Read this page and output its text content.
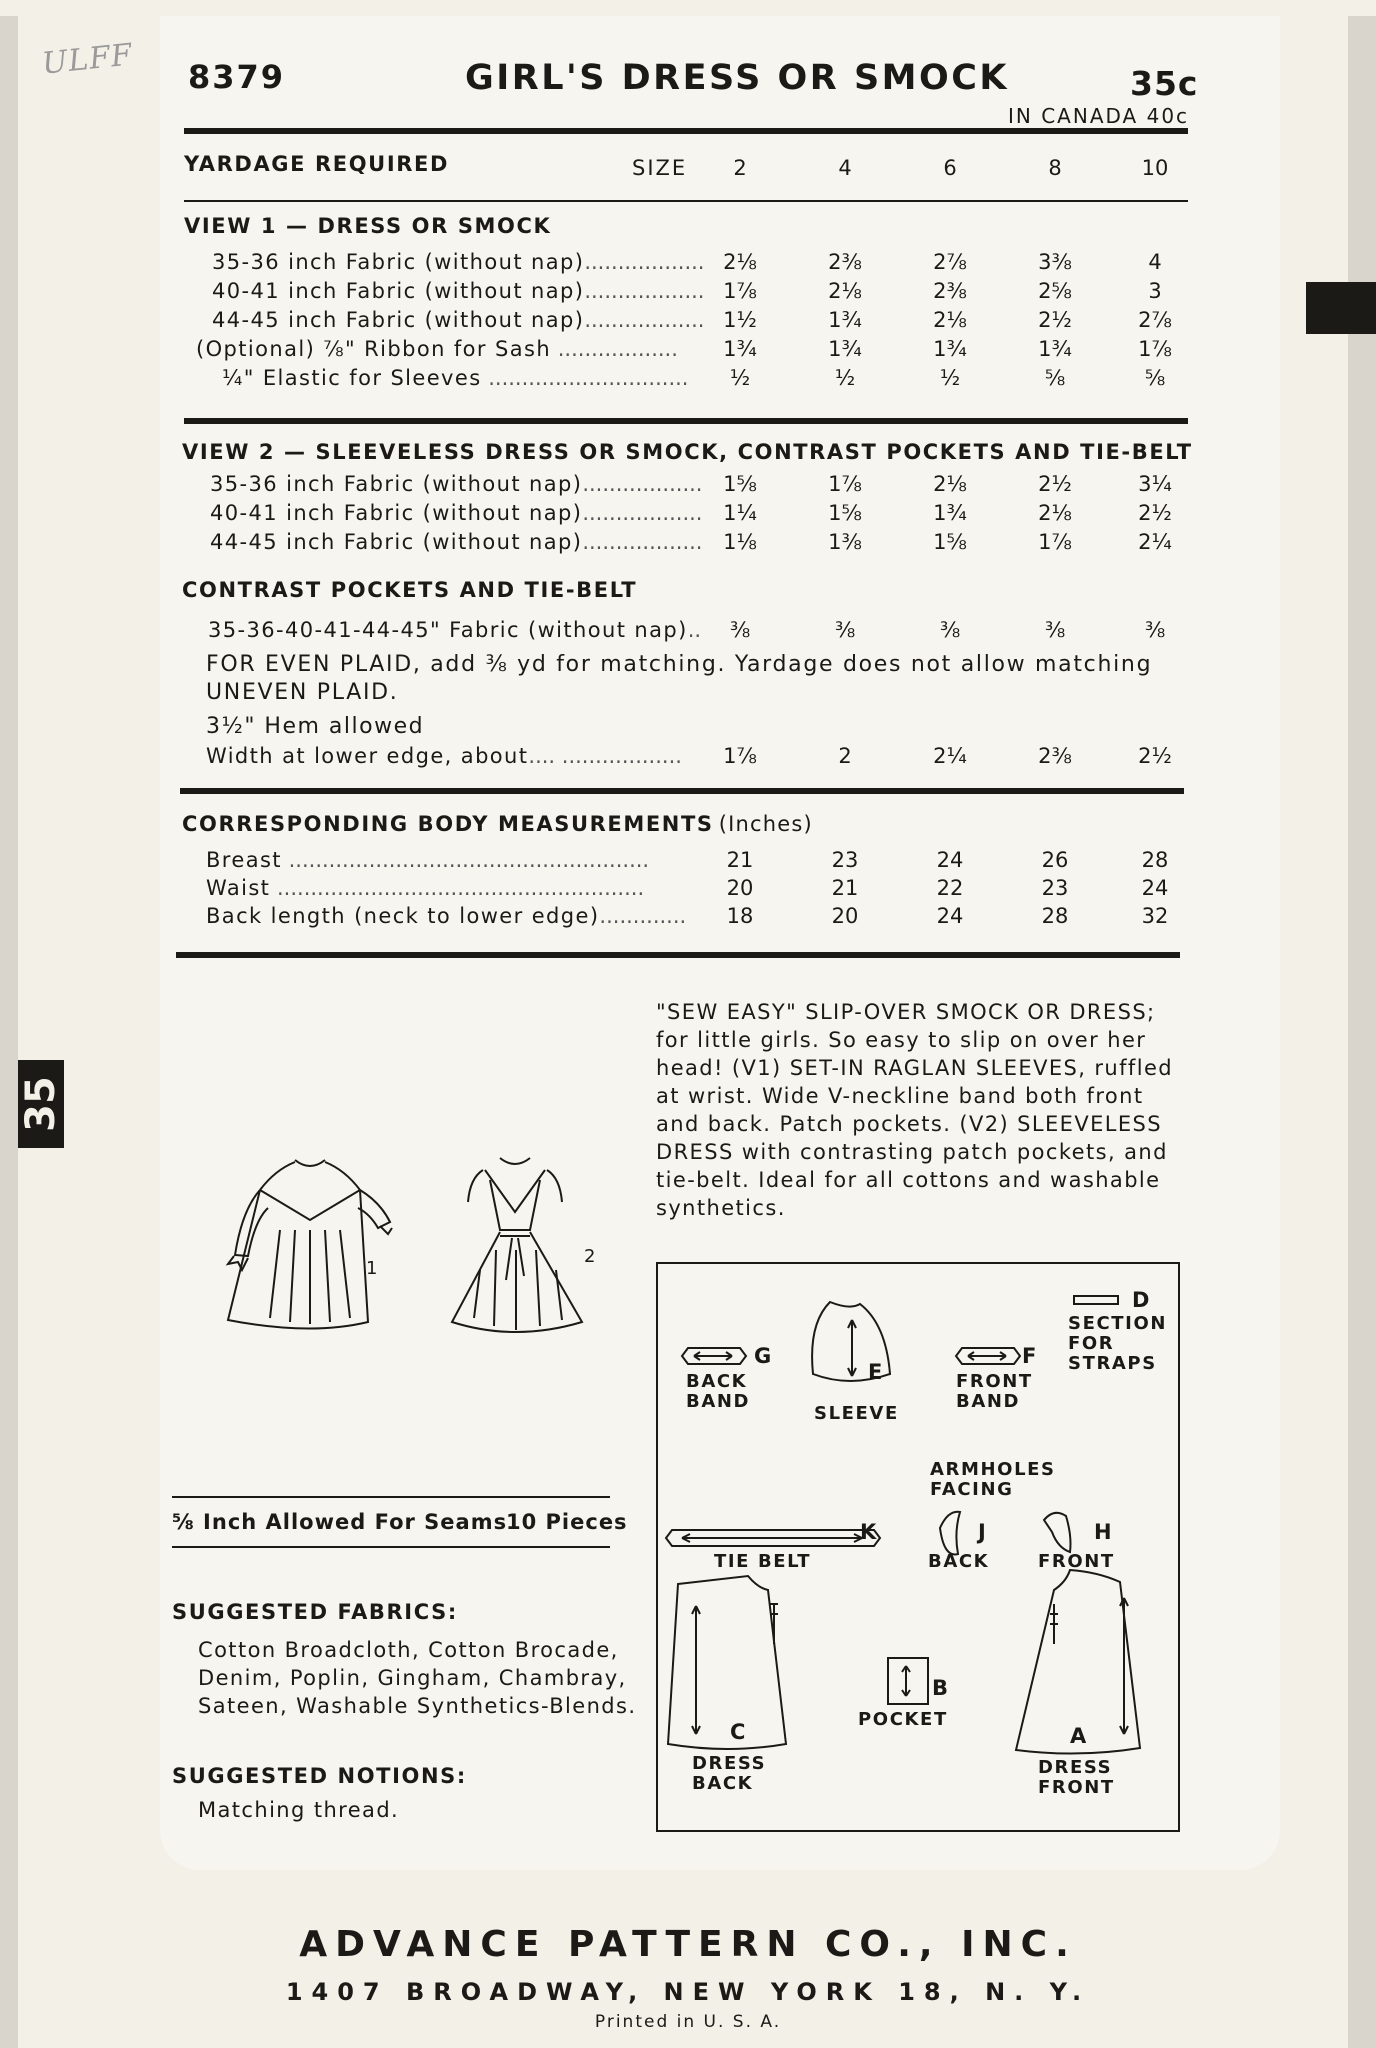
ULFF
35
8379	GIRL'S DRESS OR SMOCK	35c
IN CANADA 40c
YARDAGE REQUIRED	SIZE	2	4	6	8	10
VIEW 1 — DRESS OR SMOCK
35-36 inch Fabric (without nap).................. 2⅛	2⅜	2⅞	3⅜	4
40-41 inch Fabric (without nap).................. 1⅞	2⅛	2⅜	2⅝	3
44-45 inch Fabric (without nap).................. 1½	1¾	2⅛	2½	2⅞
(Optional) ⅞" Ribbon for Sash ..................	1¾	1¾	1¾	1¾	1⅞
¼" Elastic for Sleeves ..............................	½	½	½	⅝	⅝
VIEW 2 — SLEEVELESS DRESS OR SMOCK, CONTRAST POCKETS AND TIE-BELT
35-36 inch Fabric (without nap).................. 1⅝	1⅞	2⅛	2½	3¼
40-41 inch Fabric (without nap).................. 1¼	1⅝	1¾	2⅛	2½
44-45 inch Fabric (without nap).................. 1⅛	1⅜	1⅝	1⅞	2¼
CONTRAST POCKETS AND TIE-BELT
35-36-40-41-44-45" Fabric (without nap)..	⅜	⅜	⅜	⅜	⅜
FOR EVEN PLAID, add ⅜ yd for matching. Yardage does not allow matching
UNEVEN PLAID.
3½" Hem allowed
Width at lower edge, about.... ..................	1⅞	2	2¼	2⅜	2½
CORRESPONDING BODY MEASUREMENTS (Inches)
Breast ......................................................	21	23	24	26	28
Waist .......................................................	20	21	22	23	24
Back length (neck to lower edge).............	18	20	24	28	32
"SEW EASY" SLIP-OVER SMOCK OR DRESS;
for little girls. So easy to slip on over her
head! (V1) SET-IN RAGLAN SLEEVES, ruffled
at wrist. Wide V-neckline band both front
and back. Patch pockets. (V2) SLEEVELESS
DRESS with contrasting patch pockets, and
tie-belt. Ideal for all cottons and washable
synthetics.
1
2
⅝ Inch Allowed For Seams
10 Pieces
SUGGESTED FABRICS:
Cotton Broadcloth, Cotton Brocade,
Denim, Poplin, Gingham, Chambray,
Sateen, Washable Synthetics-Blends.
SUGGESTED NOTIONS:
Matching thread.
G
BACK
BAND
E
SLEEVE
F
FRONT
BAND
D
SECTION
FOR
STRAPS
ARMHOLES
FACING
K
TIE BELT
J
BACK
H
FRONT
C
DRESS
BACK
B
POCKET
A
DRESS
FRONT
ADVANCE PATTERN CO., INC.
1407 BROADWAY, NEW YORK 18, N. Y.
Printed in U. S. A.
